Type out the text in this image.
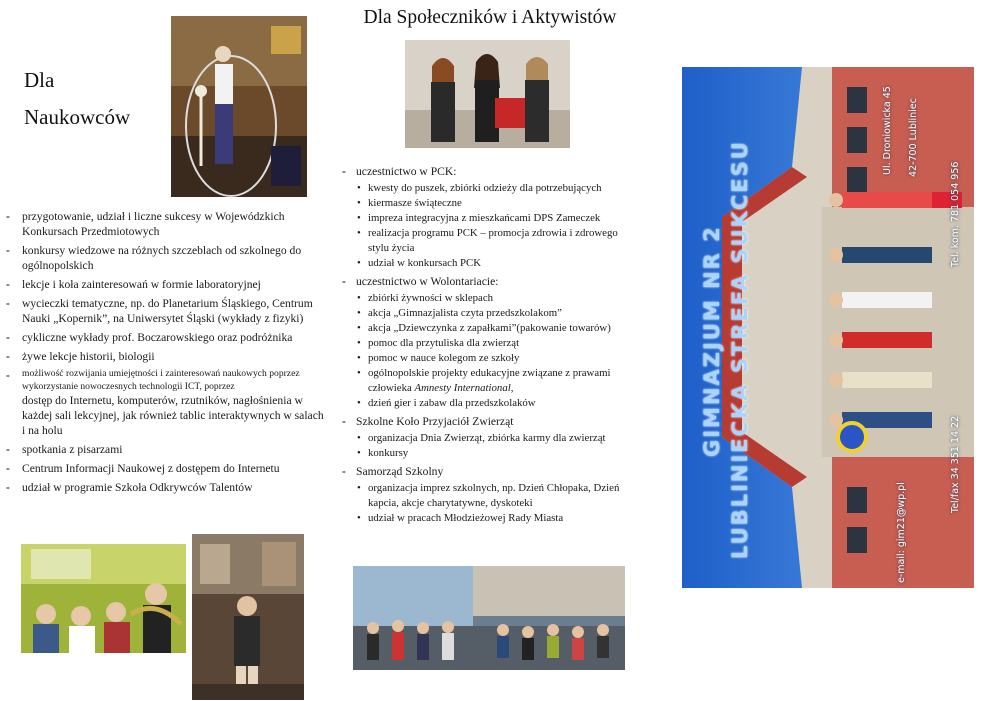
Dla
Naukowców
- przygotowanie, udział i liczne sukcesy w Wojewódzkich Konkursach Przedmiotowych
- konkursy wiedzowe na różnych szczeblach od szkolnego do ogólnopolskich
- lekcje i koła zainteresowań w formie laboratoryjnej
- wycieczki tematyczne, np. do Planetarium Śląskiego, Centrum Nauki „Kopernik”, na Uniwersytet Śląski (wykłady z fizyki)
- cykliczne wykłady prof. Boczarowskiego oraz podróżnika
- żywe lekcje historii, biologii
- możliwość rozwijania umiejętności i zainteresowań naukowych poprzez wykorzystanie nowoczesnych technologii ICT, poprzez
dostęp do Internetu, komputerów, rzutników, nagłośnienia w każdej sali lekcyjnej, jak również tablic interaktywnych w salach i na holu
- spotkania z pisarzami
- Centrum Informacji Naukowej z dostępem do Internetu
- udział w programie Szkoła Odkrywców Talentów
Dla Społeczników i Aktywistów
- uczestnictwo w PCK:
• kwesty do puszek, zbiórki odzieży dla potrzebujących
• kiermasze świąteczne
• impreza integracyjna z mieszkańcami DPS Zameczek
• realizacja programu PCK – promocja zdrowia i zdrowego stylu życia
• udział w konkursach PCK
- uczestnictwo w Wolontariacie:
• zbiórki żywności w sklepach
• akcja „Gimnazjalista czyta przedszkolakom”
• akcja „Dziewczynka z zapałkami”(pakowanie towarów)
• pomoc dla przytuliska dla zwierząt
• pomoc w nauce kolegom ze szkoły
• ogólnopolskie projekty edukacyjne związane z prawami człowieka Amnesty International,
• dzień gier i zabaw dla przedszkolaków
- Szkolne Koło Przyjaciół Zwierząt
• organizacja Dnia Zwierząt, zbiórka karmy dla zwierząt
• konkursy
- Samorząd Szkolny
• organizacja imprez szkolnych, np. Dzień Chłopaka, Dzień kapcia, akcje charytatywne, dyskoteki
• udział w pracach Młodzieżowej Rady Miasta
GIMNAZJUM NR 2 LUBLINIECKA STREFA SUKCESU
Ul. Droniowicka 45 42-700 Lubliniec
Tel. kom. 781 054 956
Tel/fax 34 351 14 22
e-mail: gim21@wp.pl
